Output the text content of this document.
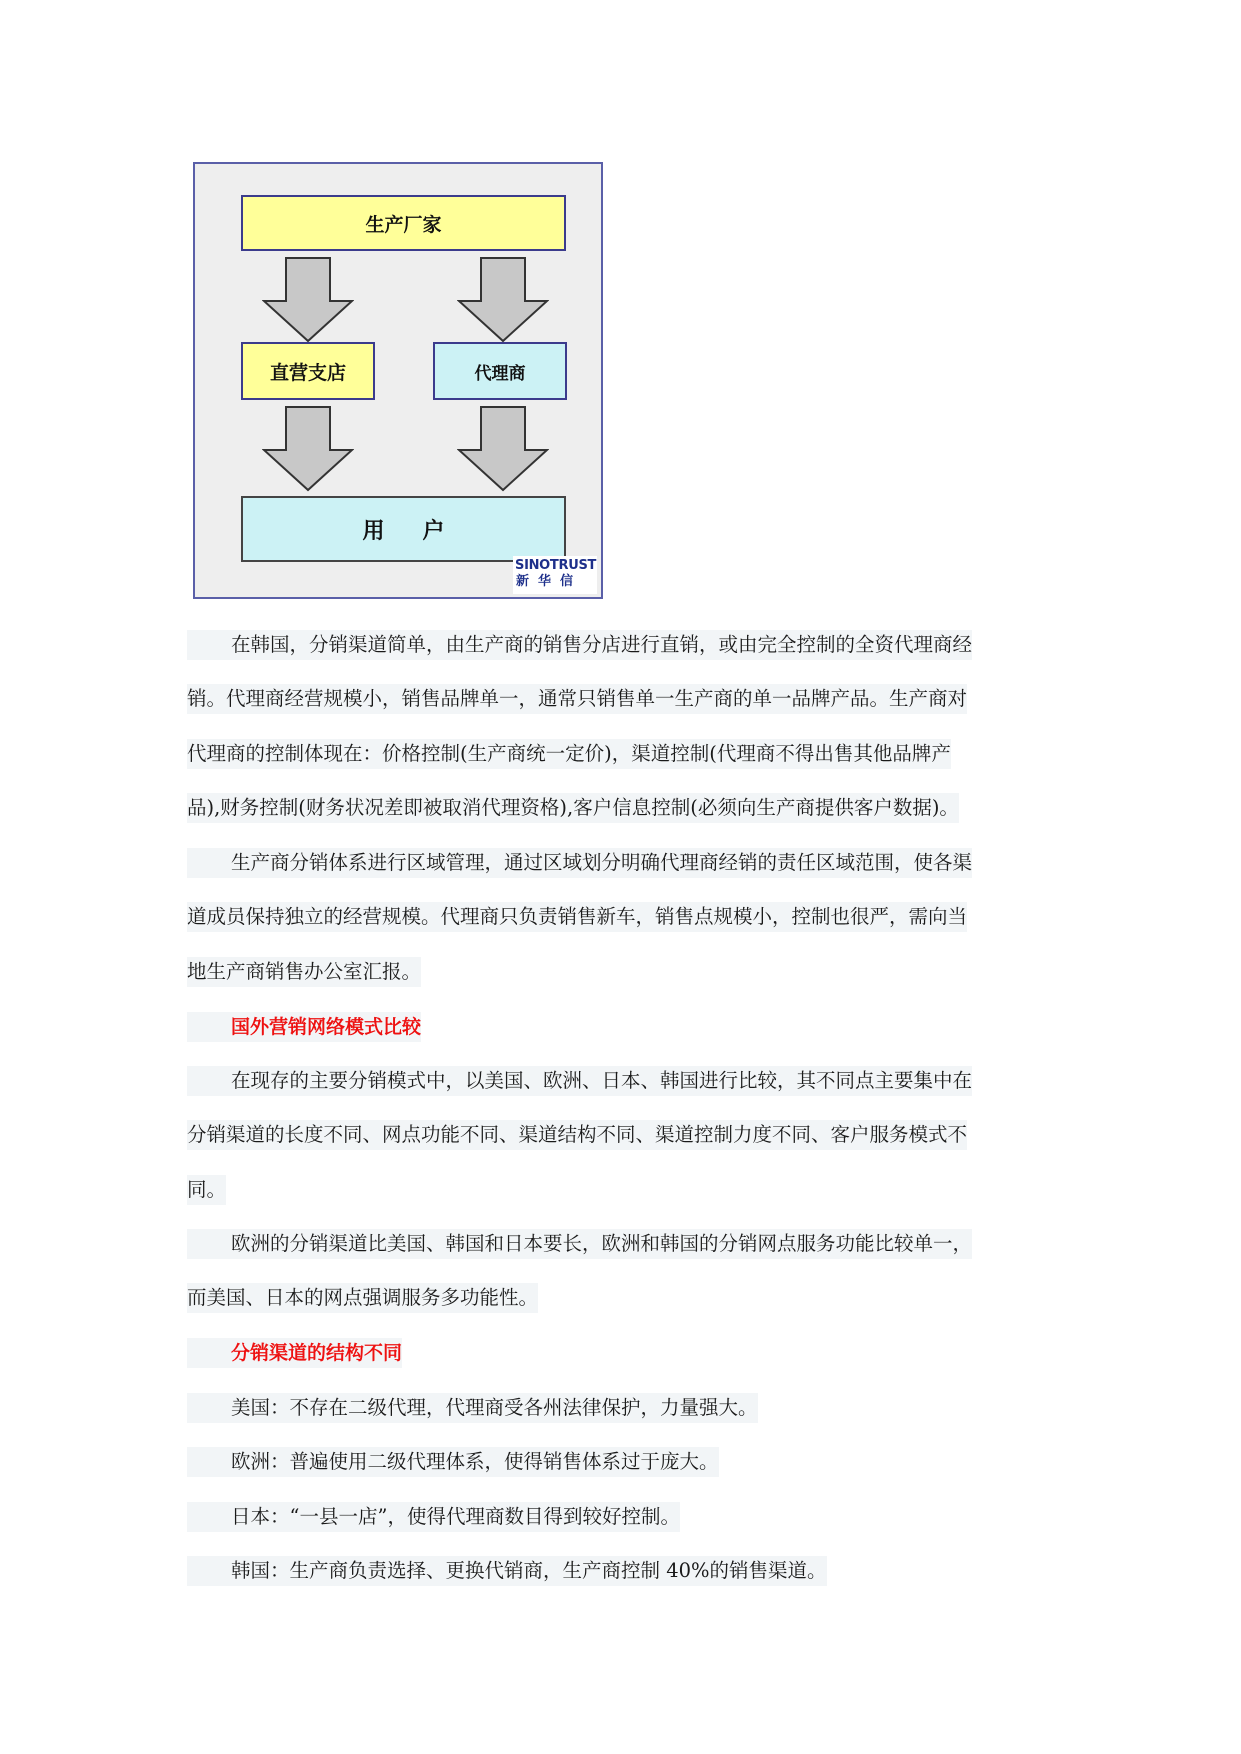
生产厂家
直营支店	代理商
用户
SINOTRUST
新华信
在韩国，分销渠道简单，由生产商的销售分店进行直销，或由完全控制的全资代理商经
销。代理商经营规模小，销售品牌单一，通常只销售单一生产商的单一品牌产品。生产商对
代理商的控制体现在：价格控制(生产商统一定价)，渠道控制(代理商不得出售其他品牌产
品),财务控制(财务状况差即被取消代理资格),客户信息控制(必须向生产商提供客户数据)。
生产商分销体系进行区域管理，通过区域划分明确代理商经销的责任区域范围，使各渠
道成员保持独立的经营规模。代理商只负责销售新车，销售点规模小，控制也很严，需向当
地生产商销售办公室汇报。
国外营销网络模式比较
在现存的主要分销模式中，以美国、欧洲、日本、韩国进行比较，其不同点主要集中在
分销渠道的长度不同、网点功能不同、渠道结构不同、渠道控制力度不同、客户服务模式不
同。
欧洲的分销渠道比美国、韩国和日本要长，欧洲和韩国的分销网点服务功能比较单一，
而美国、日本的网点强调服务多功能性。
分销渠道的结构不同
美国：不存在二级代理，代理商受各州法律保护，力量强大。
欧洲：普遍使用二级代理体系，使得销售体系过于庞大。
日本：“一县一店”，使得代理商数目得到较好控制。
韩国：生产商负责选择、更换代销商，生产商控制 40%的销售渠道。
